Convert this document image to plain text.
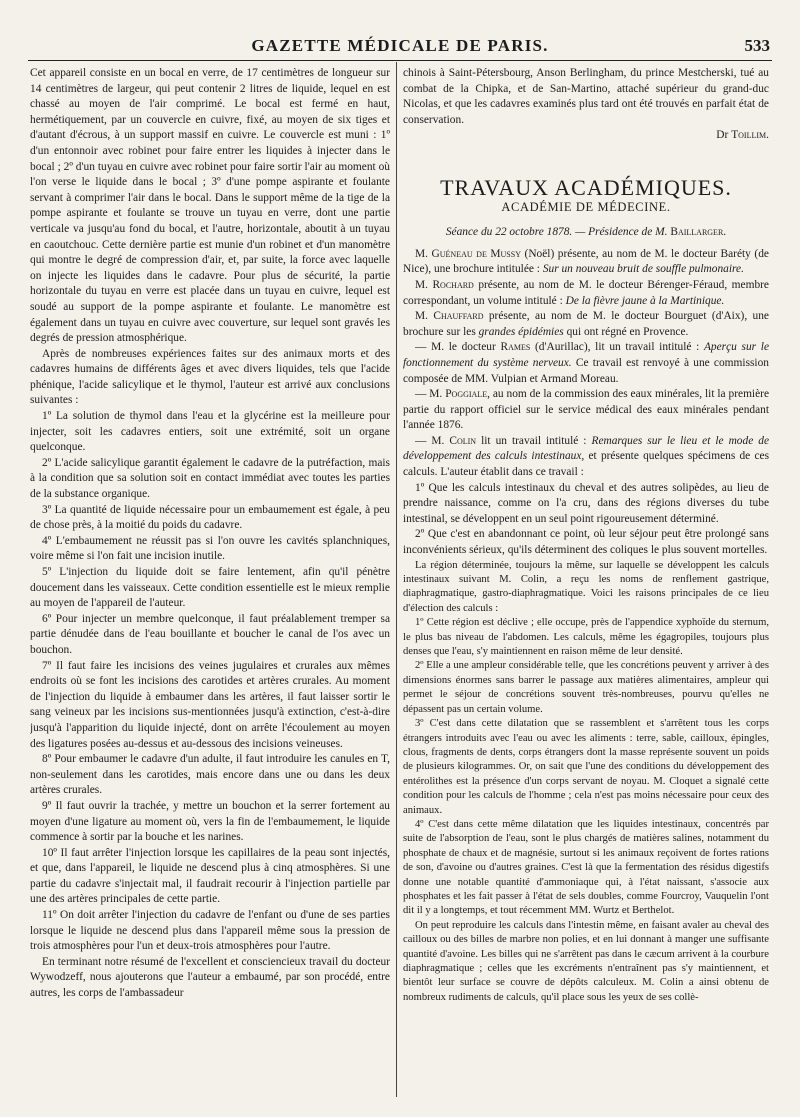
GAZETTE MÉDICALE DE PARIS.	533

Cet appareil consiste en un bocal en verre, de 17 centimètres de longueur sur 14 centimètres de largeur, qui peut contenir 2 litres de liquide, lequel en est chassé au moyen de l'air comprimé. Le bocal est fermé en haut, hermétiquement, par un couvercle en cuivre, fixé, au moyen de six tiges et d'autant d'écrous, à un support massif en cuivre. Le couvercle est muni : 1º d'un entonnoir avec robinet pour faire entrer les liquides à injecter dans le bocal ; 2º d'un tuyau en cuivre avec robinet pour faire sortir l'air au moment où l'on verse le liquide dans le bocal ; 3º d'une pompe aspirante et foulante servant à comprimer l'air dans le bocal. Dans le support même de la tige de la pompe aspirante et foulante se trouve un tuyau en verre, dont une partie verticale va jusqu'au fond du bocal, et l'autre, horizontale, aboutit à un tuyau en caoutchouc. Cette dernière partie est munie d'un robinet et d'un manomètre qui montre le degré de compression d'air, et, par suite, la force avec laquelle on injecte les liquides dans le cadavre. Pour plus de sécurité, la partie horizontale du tuyau en verre est placée dans un tuyau en cuivre, lequel est soudé au support de la pompe aspirante et foulante. Le manomètre est également dans un tuyau en cuivre avec couverture, sur lequel sont gravés les degrés de pression atmosphérique.

Après de nombreuses expériences faites sur des animaux morts et des cadavres humains de différents âges et avec divers liquides, tels que l'acide phénique, l'acide salicylique et le thymol, l'auteur est arrivé aux conclusions suivantes :

1º La solution de thymol dans l'eau et la glycérine est la meilleure pour injecter, soit les cadavres entiers, soit une extrémité, soit un organe quelconque.

2º L'acide salicylique garantit également le cadavre de la putréfaction, mais à la condition que sa solution soit en contact immédiat avec toutes les parties de la substance organique.

3º La quantité de liquide nécessaire pour un embaumement est égale, à peu de chose près, à la moitié du poids du cadavre.

4º L'embaumement ne réussit pas si l'on ouvre les cavités splanchniques, voire même si l'on fait une incision inutile.

5º L'injection du liquide doit se faire lentement, afin qu'il pénètre doucement dans les vaisseaux. Cette condition essentielle est le mieux remplie au moyen de l'appareil de l'auteur.

6º Pour injecter un membre quelconque, il faut préalablement tremper sa partie dénudée dans de l'eau bouillante et boucher le canal de l'os avec un bouchon.

7º Il faut faire les incisions des veines jugulaires et crurales aux mêmes endroits où se font les incisions des carotides et artères crurales. Au moment de l'injection du liquide à embaumer dans les artères, il faut laisser sortir le sang veineux par les incisions sus-mentionnées jusqu'à extinction, c'est-à-dire jusqu'à l'apparition du liquide injecté, dont on arrête l'écoulement au moyen des ligatures posées au-dessus et au-dessous des incisions veineuses.

8º Pour embaumer le cadavre d'un adulte, il faut introduire les canules en T, non-seulement dans les carotides, mais encore dans une ou dans les deux artères crurales.

9º Il faut ouvrir la trachée, y mettre un bouchon et la serrer fortement au moyen d'une ligature au moment où, vers la fin de l'embaumement, le liquide commence à sortir par la bouche et les narines.

10º Il faut arrêter l'injection lorsque les capillaires de la peau sont injectés, et que, dans l'appareil, le liquide ne descend plus à cinq atmosphères. Si une partie du cadavre s'injectait mal, il faudrait recourir à l'injection partielle par une des artères principales de cette partie.

11º On doit arrêter l'injection du cadavre de l'enfant ou d'une de ses parties lorsque le liquide ne descend plus dans l'appareil même sous la pression de trois atmosphères pour l'un et deux-trois atmosphères pour l'autre.

En terminant notre résumé de l'excellent et consciencieux travail du docteur Wywodzeff, nous ajouterons que l'auteur a embaumé, par son procédé, entre autres, les corps de l'ambassadeur

chinois à Saint-Pétersbourg, Anson Berlingham, du prince Mestcherski, tué au combat de la Chipka, et de San-Martino, attaché supérieur du grand-duc Nicolas, et que les cadavres examinés plus tard ont été trouvés en parfait état de conservation.

Dr Toillim.

TRAVAUX ACADÉMIQUES.
ACADÉMIE DE MÉDECINE.
Séance du 22 octobre 1878. — Présidence de M. Baillarger.

M. Guéneau de Mussy (Noël) présente, au nom de M. le docteur Baréty (de Nice), une brochure intitulée : Sur un nouveau bruit de souffle pulmonaire.

M. Rochard présente, au nom de M. le docteur Bérenger-Féraud, membre correspondant, un volume intitulé : De la fièvre jaune à la Martinique.

M. Chauffard présente, au nom de M. le docteur Bourguet (d'Aix), une brochure sur les grandes épidémies qui ont régné en Provence.

— M. le docteur Rames (d'Aurillac), lit un travail intitulé : Aperçu sur le fonctionnement du système nerveux. Ce travail est renvoyé à une commission composée de MM. Vulpian et Armand Moreau.

— M. Poggiale, au nom de la commission des eaux minérales, lit la première partie du rapport officiel sur le service médical des eaux minérales pendant l'année 1876.

— M. Colin lit un travail intitulé : Remarques sur le lieu et le mode de développement des calculs intestinaux, et présente quelques spécimens de ces calculs. L'auteur établit dans ce travail :

1º Que les calculs intestinaux du cheval et des autres solipèdes, au lieu de prendre naissance, comme on l'a cru, dans des régions diverses du tube intestinal, se développent en un seul point rigoureusement déterminé.

2º Que c'est en abandonnant ce point, où leur séjour peut être prolongé sans inconvénients sérieux, qu'ils déterminent des coliques le plus souvent mortelles.

La région déterminée, toujours la même, sur laquelle se développent les calculs intestinaux suivant M. Colin, a reçu les noms de renflement gastrique, diaphragmatique, gastro-diaphragmatique. Voici les raisons principales de ce lieu d'élection des calculs :

1º Cette région est déclive ; elle occupe, près de l'appendice xyphoïde du sternum, le plus bas niveau de l'abdomen. Les calculs, même les égagropiles, toujours plus denses que l'eau, s'y maintiennent en raison même de leur densité.

2º Elle a une ampleur considérable telle, que les concrétions peuvent y arriver à des dimensions énormes sans barrer le passage aux matières alimentaires, ampleur qui permet le séjour de concrétions souvent très-nombreuses, pourvu qu'elles ne dépassent pas un certain volume.

3º C'est dans cette dilatation que se rassemblent et s'arrêtent tous les corps étrangers introduits avec l'eau ou avec les aliments : terre, sable, cailloux, épingles, clous, fragments de dents, corps étrangers dont la masse représente souvent un poids de plusieurs kilogrammes. Or, on sait que l'une des conditions du développement des entérolithes est la présence d'un corps servant de noyau. M. Cloquet a signalé cette condition pour les calculs de l'homme ; cela n'est pas moins nécessaire pour ceux des animaux.

4º C'est dans cette même dilatation que les liquides intestinaux, concentrés par suite de l'absorption de l'eau, sont le plus chargés de matières salines, notamment du phosphate de chaux et de magnésie, surtout si les animaux reçoivent de fortes rations de son, d'avoine ou d'autres graines. C'est là que la fermentation des résidus digestifs donne une notable quantité d'ammoniaque qui, à l'état naissant, s'associe aux phosphates et les fait passer à l'état de sels doubles, comme Fourcroy, Vauquelin l'ont dit il y a longtemps, et tout récemment MM. Wurtz et Berthelot.

On peut reproduire les calculs dans l'intestin même, en faisant avaler au cheval des cailloux ou des billes de marbre non polies, et en lui donnant à manger une suffisante quantité d'avoine. Les billes qui ne s'arrêtent pas dans le cæcum arrivent à la courbure diaphragmatique ; celles que les excréments n'entraînent pas s'y maintiennent, et bientôt leur surface se couvre de dépôts calculeux. M. Colin a ainsi obtenu de nombreux rudiments de calculs, qu'il place sous les yeux de ses collè-
